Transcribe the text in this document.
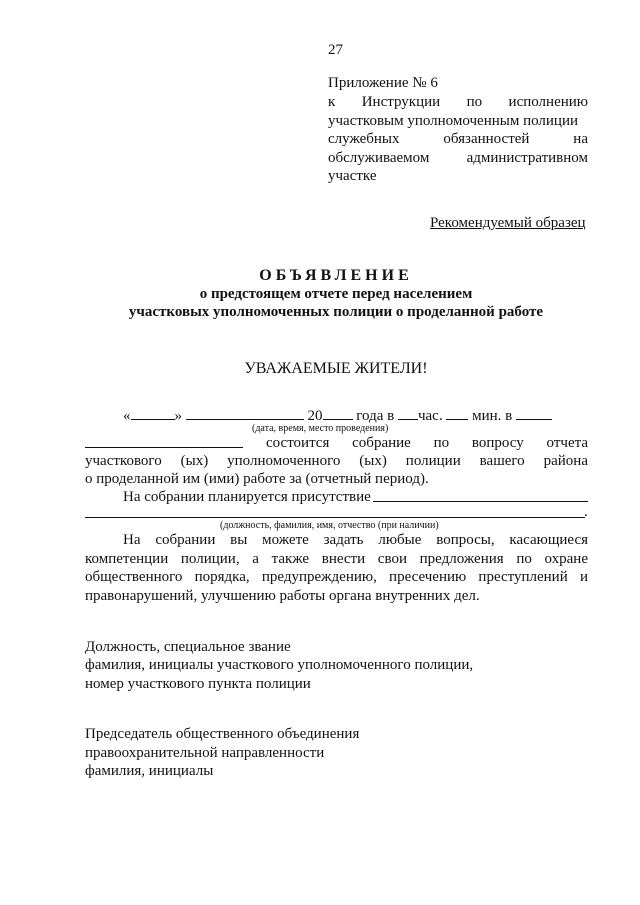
27
Приложение № 6
к Инструкции по исполнению
участковым уполномоченным полиции
служебных обязанностей на
обслуживаемом административном
участке
Рекомендуемый образец
ОБЪЯВЛЕНИЕ
о предстоящем отчете перед населением
участковых уполномоченных полиции о проделанной работе
УВАЖАЕМЫЕ ЖИТЕЛИ!
«	»	20 года в час. мин. в
(дата, время, место проведения)
состоится собрание по вопросу отчета
участкового (ых) уполномоченного (ых) полиции вашего района
о проделанной им (ими) работе за (отчетный период).
На собрании планируется присутствие
.
(должность, фамилия, имя, отчество (при наличии)
На собрании вы можете задать любые вопросы, касающиеся
компетенции полиции, а также внести свои предложения по охране
общественного порядка, предупреждению, пресечению преступлений и
правонарушений, улучшению работы органа внутренних дел.
Должность, специальное звание
фамилия, инициалы участкового уполномоченного полиции,
номер участкового пункта полиции
Председатель общественного объединения
правоохранительной направленности
фамилия, инициалы
